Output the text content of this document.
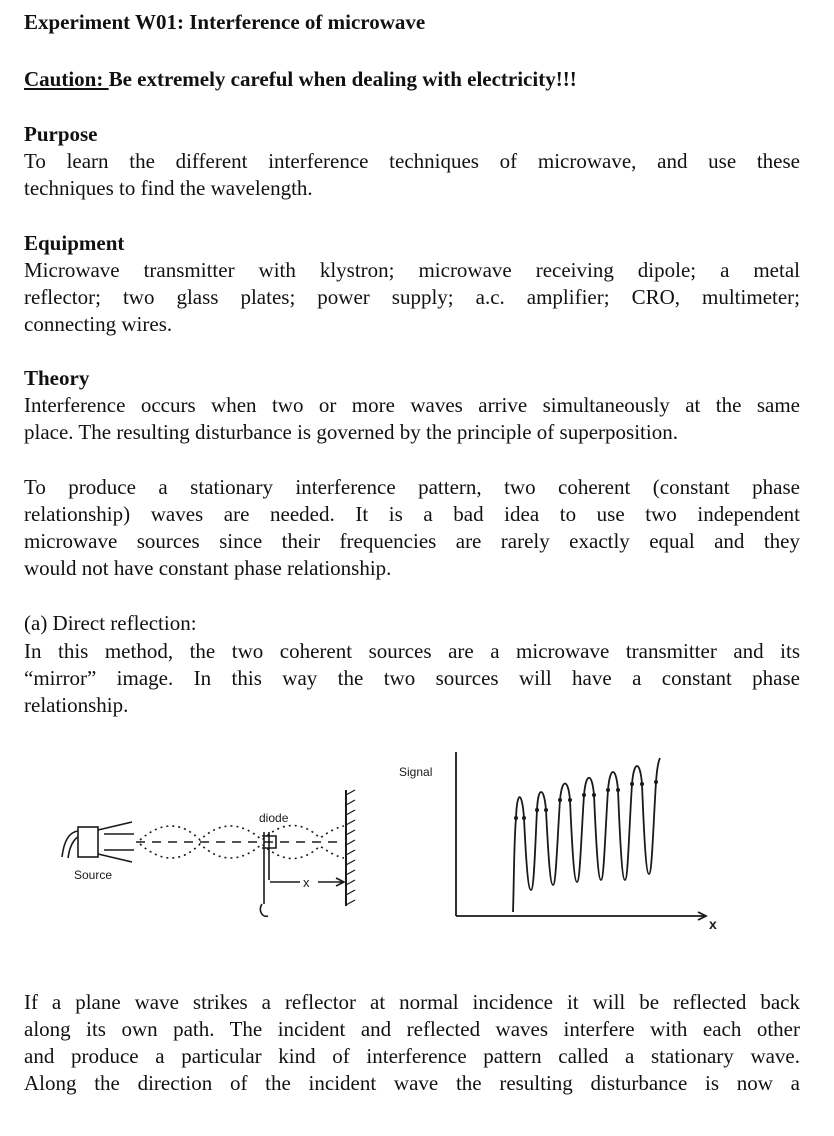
Experiment W01: Interference of microwave
Caution: Be extremely careful when dealing with electricity!!!
Purpose
To learn the different interference techniques of microwave, and use these
techniques to find the wavelength.
Equipment
Microwave transmitter with klystron; microwave receiving dipole; a metal
reflector; two glass plates; power supply; a.c. amplifier; CRO, multimeter;
connecting wires.
Theory
Interference occurs when two or more waves arrive simultaneously at the same
place. The resulting disturbance is governed by the principle of superposition.
To produce a stationary interference pattern, two coherent (constant phase
relationship) waves are needed. It is a bad idea to use two independent
microwave sources since their frequencies are rarely exactly equal and they
would not have constant phase relationship.
(a) Direct reflection:
In this method, the two coherent sources are a microwave transmitter and its
“mirror” image. In this way the two sources will have a constant phase
relationship.
If a plane wave strikes a reflector at normal incidence it will be reflected back
along its own path. The incident and reflected waves interfere with each other
and produce a particular kind of interference pattern called a stationary wave.
Along the direction of the incident wave the resulting disturbance is now a
Source
diode
x
Signal
x
